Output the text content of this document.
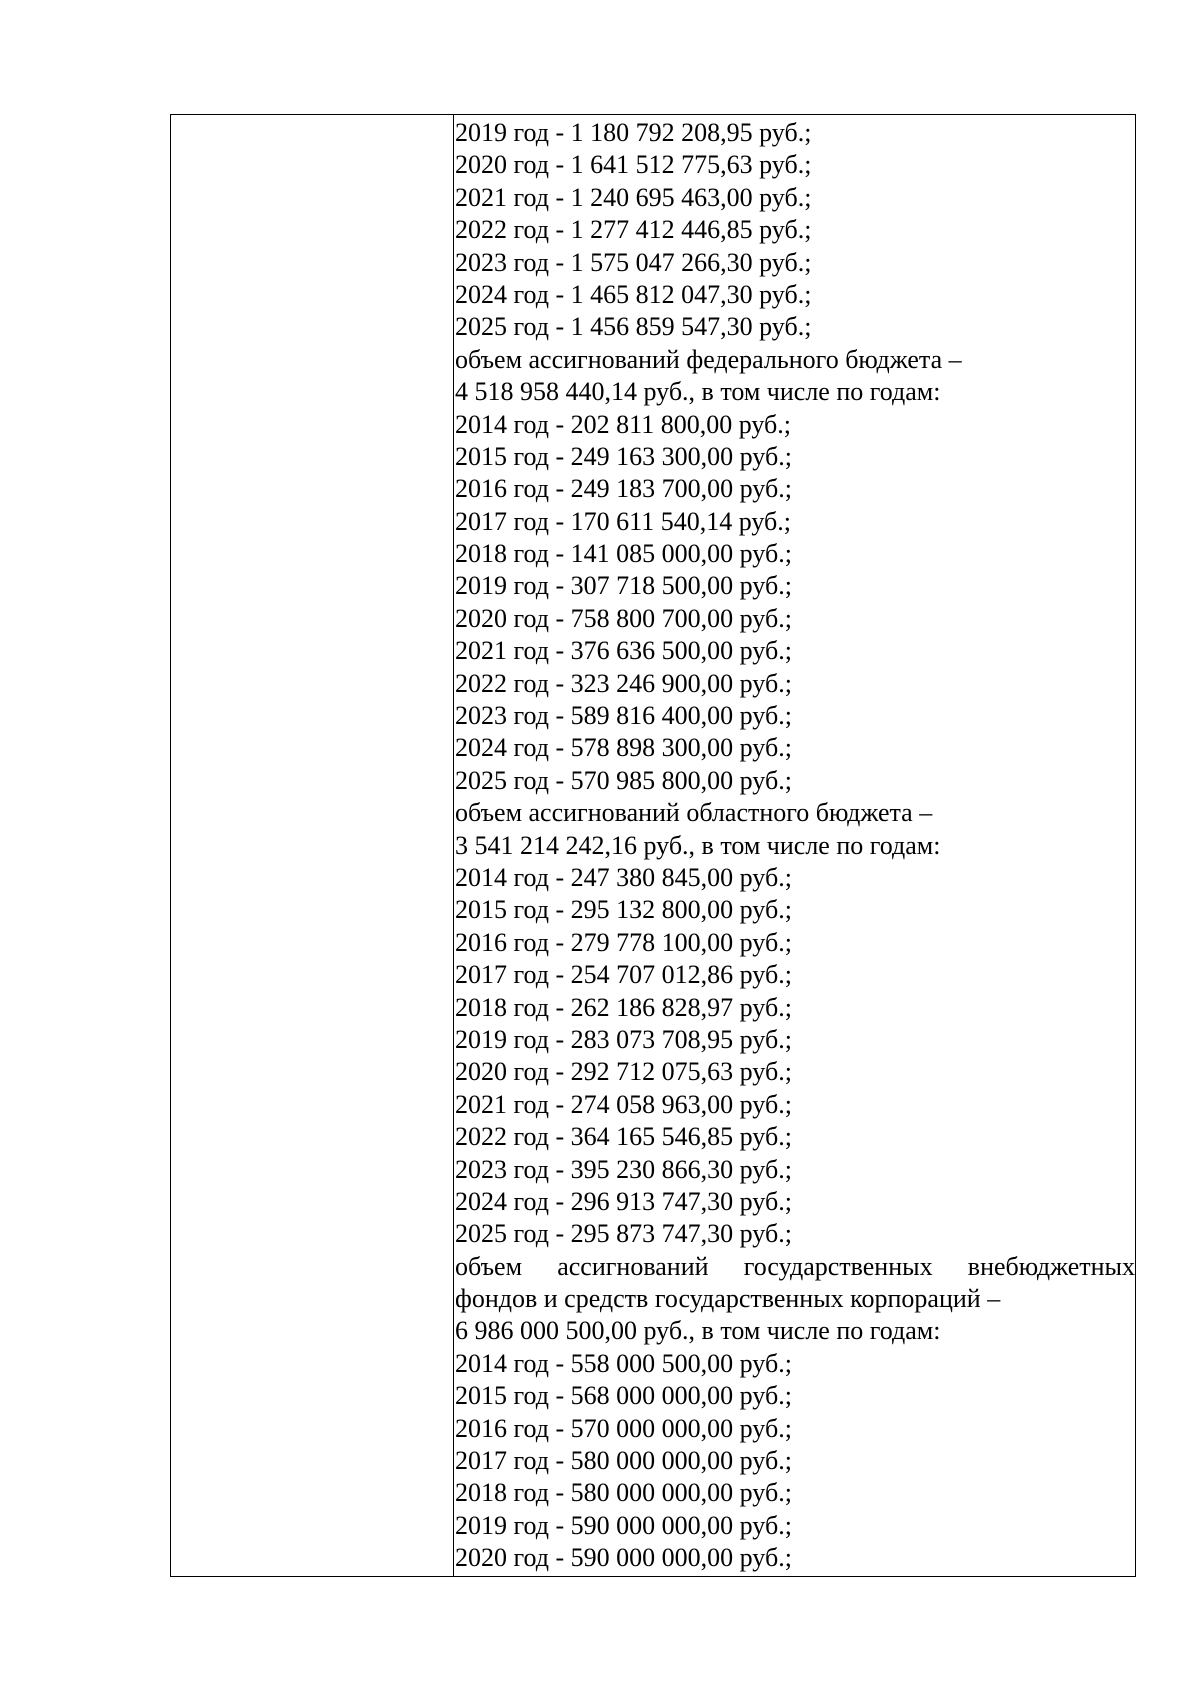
2019 год - 1 180 792 208,95 руб.;
2020 год - 1 641 512 775,63 руб.;
2021 год - 1 240 695 463,00 руб.;
2022 год - 1 277 412 446,85 руб.;
2023 год - 1 575 047 266,30 руб.;
2024 год - 1 465 812 047,30 руб.;
2025 год - 1 456 859 547,30 руб.;
объем ассигнований федерального бюджета –
4 518 958 440,14 руб., в том числе по годам:
2014 год - 202 811 800,00 руб.;
2015 год - 249 163 300,00 руб.;
2016 год - 249 183 700,00 руб.;
2017 год - 170 611 540,14 руб.;
2018 год - 141 085 000,00 руб.;
2019 год - 307 718 500,00 руб.;
2020 год - 758 800 700,00 руб.;
2021 год - 376 636 500,00 руб.;
2022 год - 323 246 900,00 руб.;
2023 год - 589 816 400,00 руб.;
2024 год - 578 898 300,00 руб.;
2025 год - 570 985 800,00 руб.;
объем ассигнований областного бюджета –
3 541 214 242,16 руб., в том числе по годам:
2014 год - 247 380 845,00 руб.;
2015 год - 295 132 800,00 руб.;
2016 год - 279 778 100,00 руб.;
2017 год - 254 707 012,86 руб.;
2018 год - 262 186 828,97 руб.;
2019 год - 283 073 708,95 руб.;
2020 год - 292 712 075,63 руб.;
2021 год - 274 058 963,00 руб.;
2022 год - 364 165 546,85 руб.;
2023 год - 395 230 866,30 руб.;
2024 год - 296 913 747,30 руб.;
2025 год - 295 873 747,30 руб.;
объем ассигнований государственных внебюджетных
фондов и средств государственных корпораций –
6 986 000 500,00 руб., в том числе по годам:
2014 год - 558 000 500,00 руб.;
2015 год - 568 000 000,00 руб.;
2016 год - 570 000 000,00 руб.;
2017 год - 580 000 000,00 руб.;
2018 год - 580 000 000,00 руб.;
2019 год - 590 000 000,00 руб.;
2020 год - 590 000 000,00 руб.;
